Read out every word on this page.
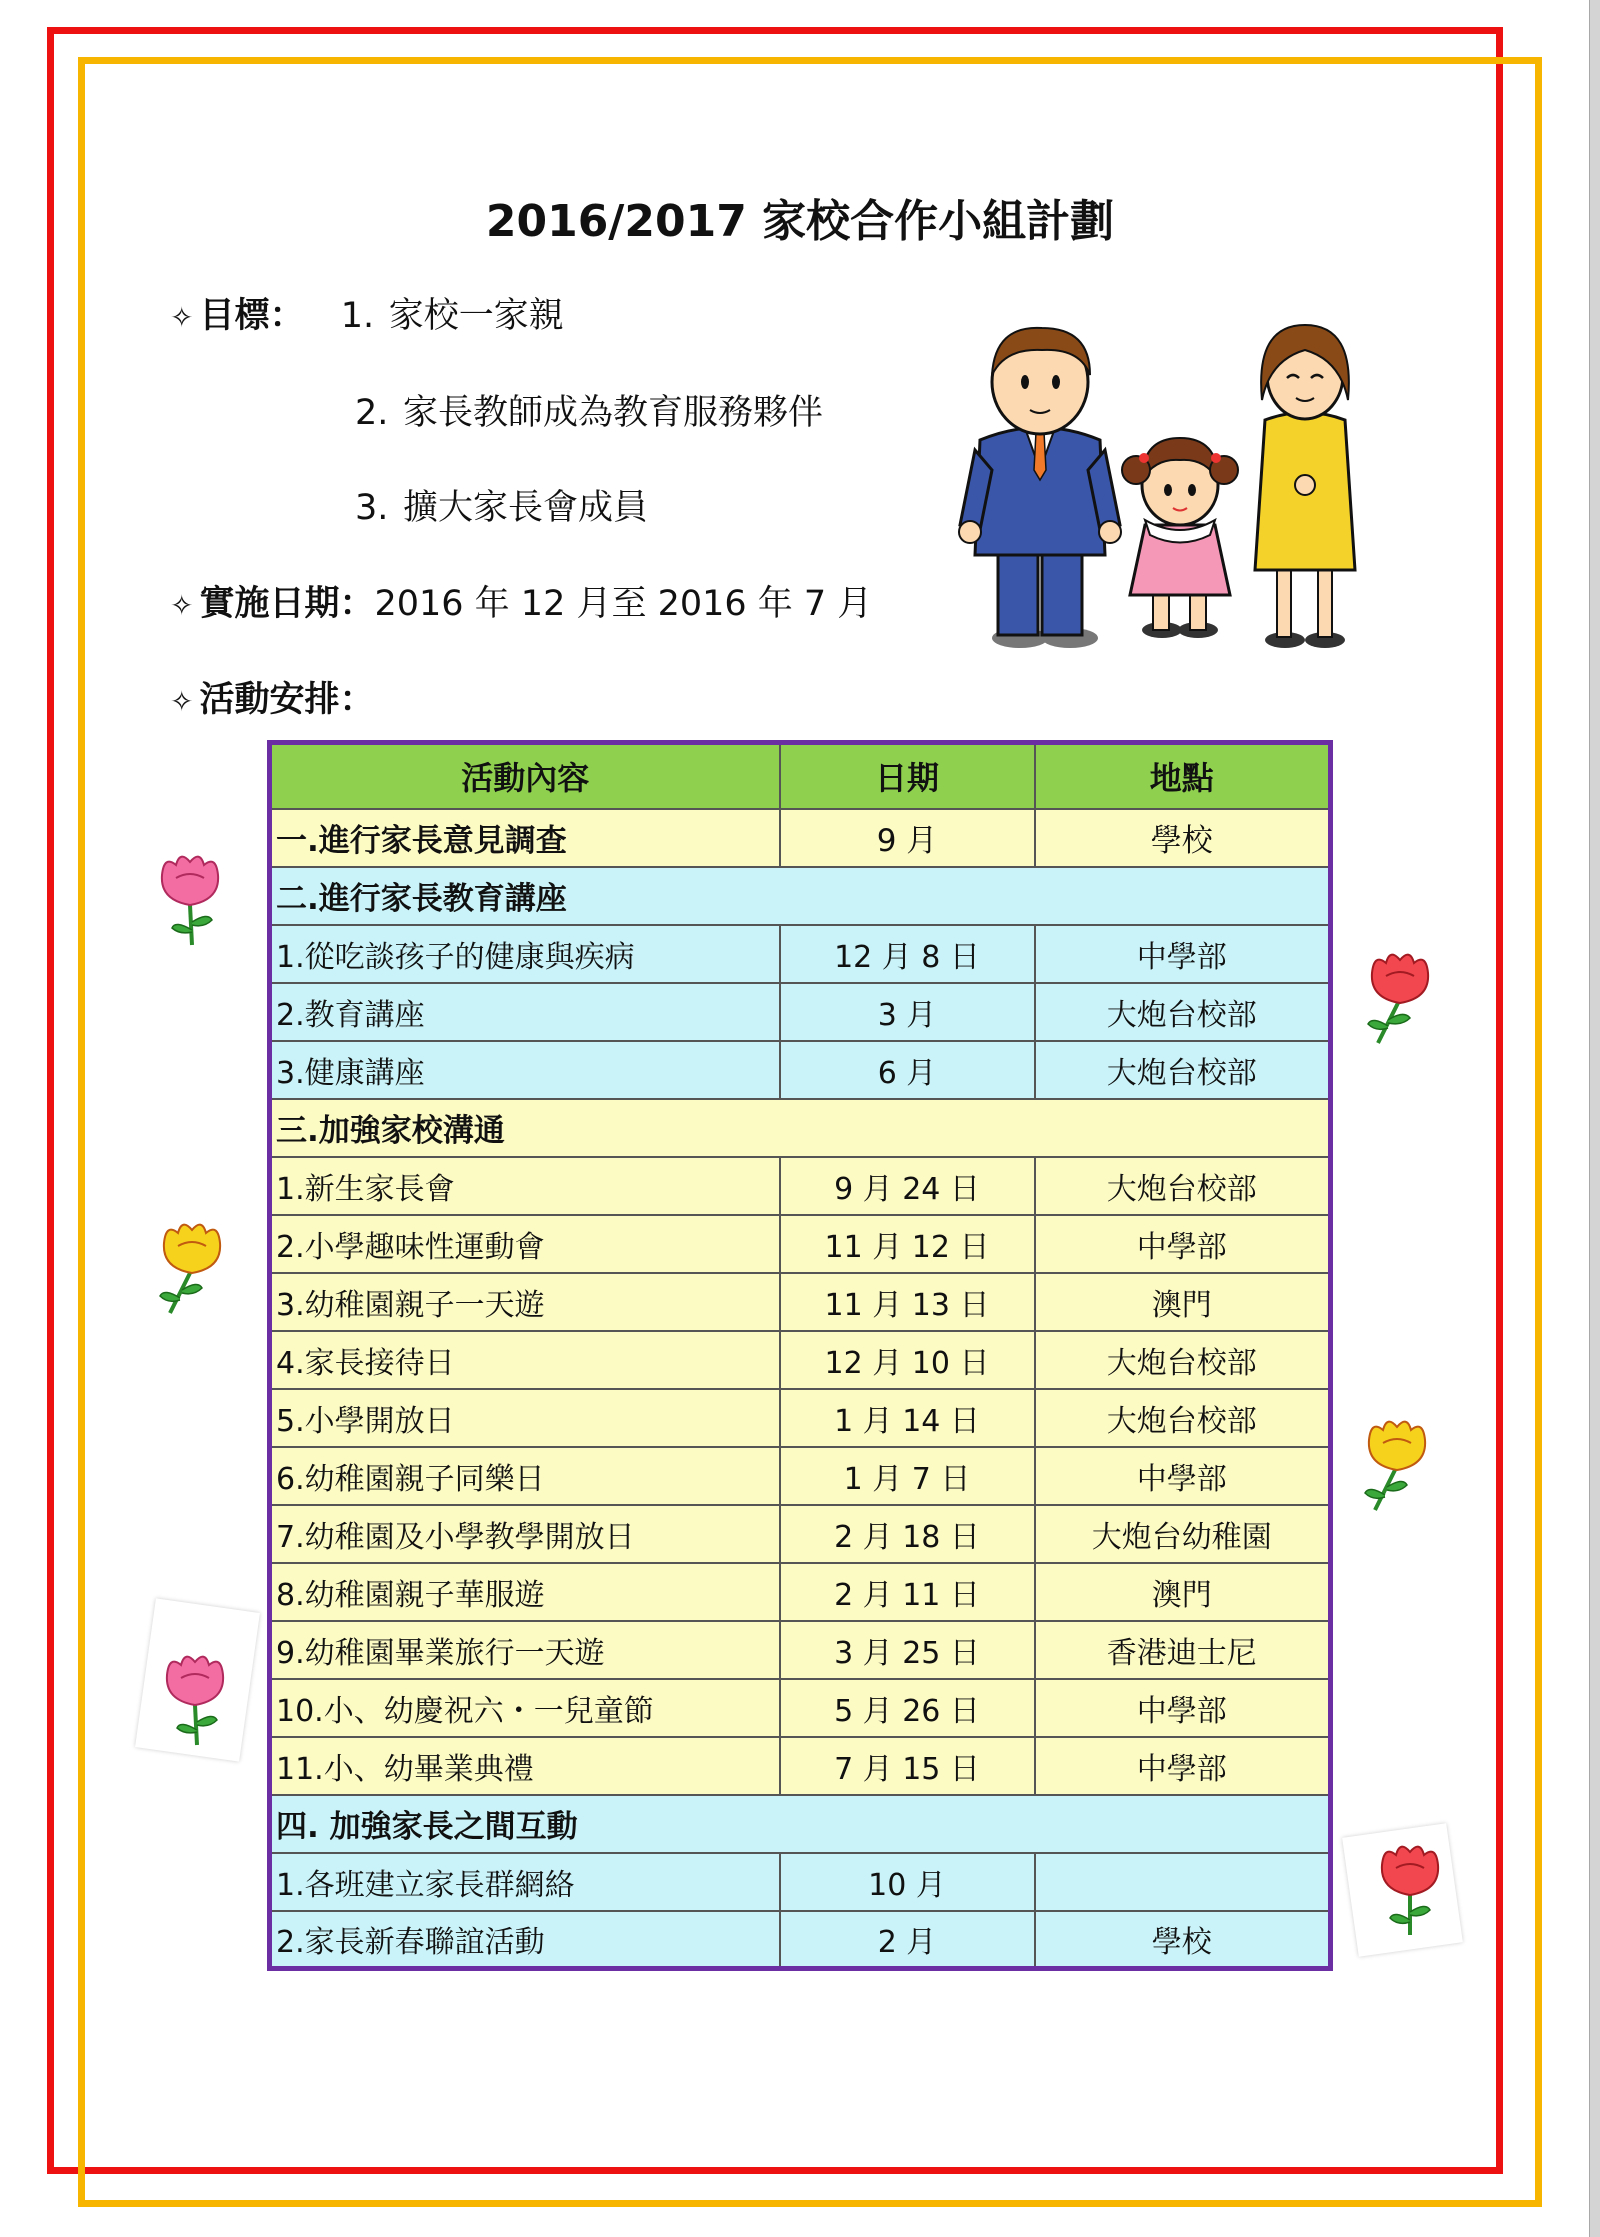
2016/2017 家校合作小組計劃
✧ 目標： 1. 家校一家親
2. 家長教師成為教育服務夥伴
3. 擴大家長會成員
✧ 實施日期：2016 年 12 月至 2016 年 7 月
✧ 活動安排：
活動內容	日期	地點
一.進行家長意見調查	9 月	學校
二.進行家長教育講座		
1.從吃談孩子的健康與疾病	12 月 8 日	中學部
2.教育講座	3 月	大炮台校部
3.健康講座	6 月	大炮台校部
三.加強家校溝通		
1.新生家長會	9 月 24 日	大炮台校部
2.小學趣味性運動會	11 月 12 日	中學部
3.幼稚園親子一天遊	11 月 13 日	澳門
4.家長接待日	12 月 10 日	大炮台校部
5.小學開放日	1 月 14 日	大炮台校部
6.幼稚園親子同樂日	1 月 7 日	中學部
7.幼稚園及小學教學開放日	2 月 18 日	大炮台幼稚園
8.幼稚園親子華服遊	2 月 11 日	澳門
9.幼稚園畢業旅行一天遊	3 月 25 日	香港迪士尼
10.小、幼慶祝六・一兒童節	5 月 26 日	中學部
11.小、幼畢業典禮	7 月 15 日	中學部
四. 加強家長之間互動		
1.各班建立家長群網絡	10 月	
2.家長新春聯誼活動	2 月	學校
